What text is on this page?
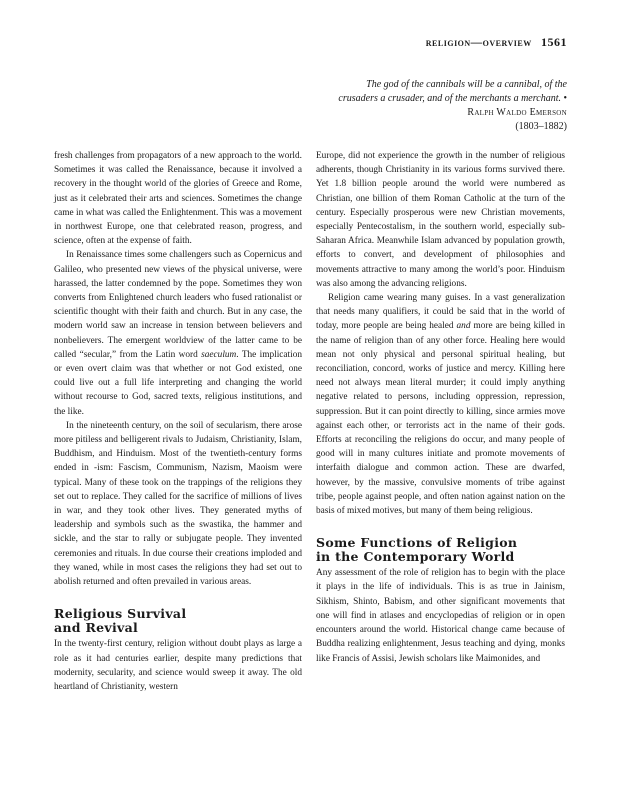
religion—overview 1561
The god of the cannibals will be a cannibal, of the crusaders a crusader, and of the merchants a merchant. • Ralph Waldo Emerson
(1803–1882)

fresh challenges from propagators of a new approach to the world. Sometimes it was called the Renaissance, because it involved a recovery in the thought world of the glories of Greece and Rome, just as it celebrated their arts and sciences. Sometimes the change came in what was called the Enlightenment. This was a movement in northwest Europe, one that celebrated reason, progress, and science, often at the expense of faith.

In Renaissance times some challengers such as Copernicus and Galileo, who presented new views of the physical universe, were harassed, the latter condemned by the pope. Sometimes they won converts from Enlightened church leaders who fused rationalist or scientific thought with their faith and church. But in any case, the modern world saw an increase in tension between believers and nonbelievers. The emergent worldview of the latter came to be called “secular,” from the Latin word saeculum. The implication or even overt claim was that whether or not God existed, one could live out a full life interpreting and changing the world without recourse to God, sacred texts, religious institutions, and the like.

In the nineteenth century, on the soil of secularism, there arose more pitiless and belligerent rivals to Judaism, Christianity, Islam, Buddhism, and Hinduism. Most of the twentieth-century forms ended in -ism: Fascism, Communism, Nazism, Maoism were typical. Many of these took on the trappings of the religions they set out to replace. They called for the sacrifice of millions of lives in war, and they took other lives. They generated myths of leadership and symbols such as the swastika, the hammer and sickle, and the star to rally or subjugate people. They invented ceremonies and rituals. In due course their creations imploded and they waned, while in most cases the religions they had set out to abolish returned and often prevailed in various areas.

Religious Survival
and Revival

In the twenty-first century, religion without doubt plays as large a role as it had centuries earlier, despite many predictions that modernity, secularity, and science would sweep it away. The old heartland of Christianity, western

Europe, did not experience the growth in the number of religious adherents, though Christianity in its various forms survived there. Yet 1.8 billion people around the world were numbered as Christian, one billion of them Roman Catholic at the turn of the century. Especially prosperous were new Christian movements, especially Pentecostalism, in the southern world, especially sub-Saharan Africa. Meanwhile Islam advanced by population growth, efforts to convert, and development of philosophies and movements attractive to many among the world’s poor. Hinduism was also among the advancing religions.

Religion came wearing many guises. In a vast generalization that needs many qualifiers, it could be said that in the world of today, more people are being healed and more are being killed in the name of religion than of any other force. Healing here would mean not only physical and personal spiritual healing, but reconciliation, concord, works of justice and mercy. Killing here need not always mean literal murder; it could imply anything negative related to persons, including oppression, repression, suppression. But it can point directly to killing, since armies move against each other, or terrorists act in the name of their gods. Efforts at reconciling the religions do occur, and many people of good will in many cultures initiate and promote movements of interfaith dialogue and common action. These are dwarfed, however, by the massive, convulsive moments of tribe against tribe, people against people, and often nation against nation on the basis of mixed motives, but many of them being religious.

Some Functions of Religion
in the Contemporary World

Any assessment of the role of religion has to begin with the place it plays in the life of individuals. This is as true in Jainism, Sikhism, Shinto, Babism, and other significant movements that one will find in atlases and encyclopedias of religion or in open encounters around the world. Historical change came because of Buddha realizing enlightenment, Jesus teaching and dying, monks like Francis of Assisi, Jewish scholars like Maimonides, and
